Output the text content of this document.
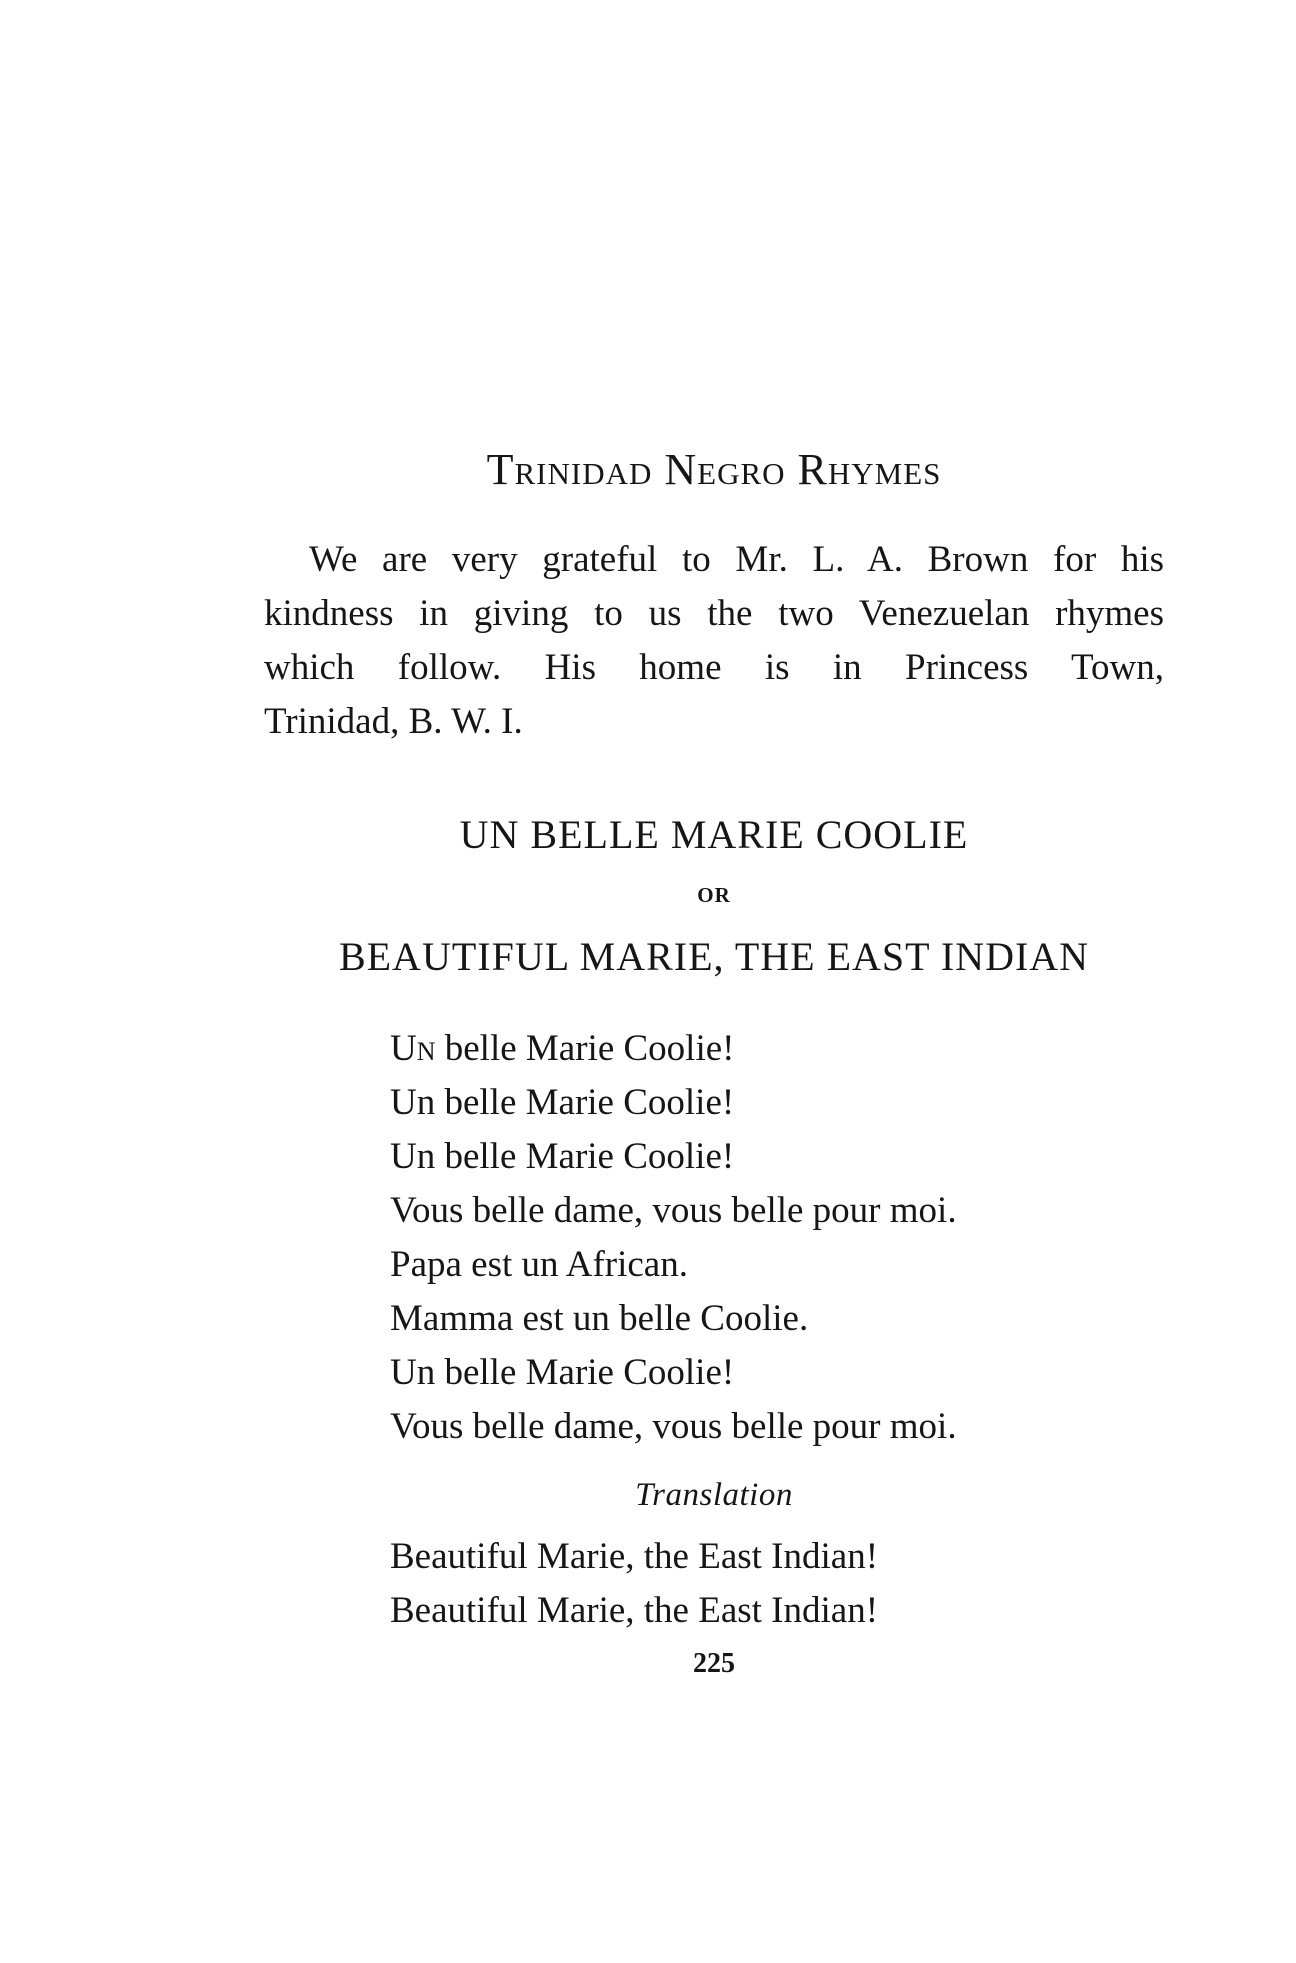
Trinidad Negro Rhymes
We are very grateful to Mr. L. A. Brown for his
kindness in giving to us the two Venezuelan rhymes
which follow. His home is in Princess Town,
Trinidad, B. W. I.
UN BELLE MARIE COOLIE
OR
BEAUTIFUL MARIE, THE EAST INDIAN
Un belle Marie Coolie!
Un belle Marie Coolie!
Un belle Marie Coolie!
Vous belle dame, vous belle pour moi.
Papa est un African.
Mamma est un belle Coolie.
Un belle Marie Coolie!
Vous belle dame, vous belle pour moi.
Translation
Beautiful Marie, the East Indian!
Beautiful Marie, the East Indian!
225
